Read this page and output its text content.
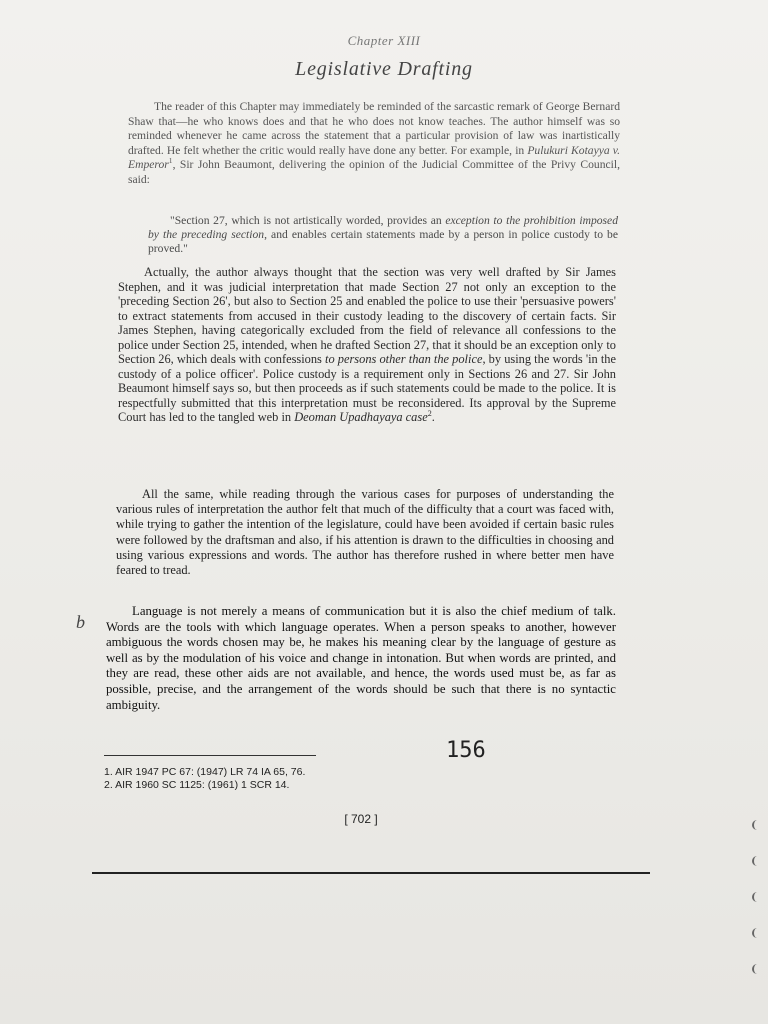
Chapter XIII
Legislative Drafting

The reader of this Chapter may immediately be reminded of the sarcastic remark of George Bernard Shaw that—he who knows does and that he who does not know teaches. The author himself was so reminded whenever he came across the statement that a particular provision of law was inartistically drafted. He felt whether the critic would really have done any better. For example, in Pulukuri Kotayya v. Emperor$^1$, Sir John Beaumont, delivering the opinion of the Judicial Committee of the Privy Council, said:

"Section 27, which is not artistically worded, provides an exception to the prohibition imposed by the preceding section, and enables certain statements made by a person in police custody to be proved."

Actually, the author always thought that the section was very well drafted by Sir James Stephen, and it was judicial interpretation that made Section 27 not only an exception to the 'preceding Section 26', but also to Section 25 and enabled the police to use their 'persuasive powers' to extract statements from accused in their custody leading to the discovery of certain facts. Sir James Stephen, having categorically excluded from the field of relevance all confessions to the police under Section 25, intended, when he drafted Section 27, that it should be an exception only to Section 26, which deals with confessions to persons other than the police, by using the words 'in the custody of a police officer'. Police custody is a requirement only in Sections 26 and 27. Sir John Beaumont himself says so, but then proceeds as if such statements could be made to the police. It is respectfully submitted that this interpretation must be reconsidered. Its approval by the Supreme Court has led to the tangled web in Deoman Upadhayaya case$^2$.

All the same, while reading through the various cases for purposes of understanding the various rules of interpretation the author felt that much of the difficulty that a court was faced with, while trying to gather the intention of the legislature, could have been avoided if certain basic rules were followed by the draftsman and also, if his attention is drawn to the difficulties in choosing and using various expressions and words. The author has therefore rushed in where better men have feared to tread.

Language is not merely a means of communication but it is also the chief medium of talk. Words are the tools with which language operates. When a person speaks to another, however ambiguous the words chosen may be, he makes his meaning clear by the language of gesture as well as by the modulation of his voice and change in intonation. But when words are printed, and they are read, these other aids are not available, and hence, the words used must be, as far as possible, precise, and the arrangement of the words should be such that there is no syntactic ambiguity.

b
156
1. AIR 1947 PC 67: (1947) LR 74 IA 65, 76.
2. AIR 1960 SC 1125: (1961) 1 SCR 14.
[ 702 ]
